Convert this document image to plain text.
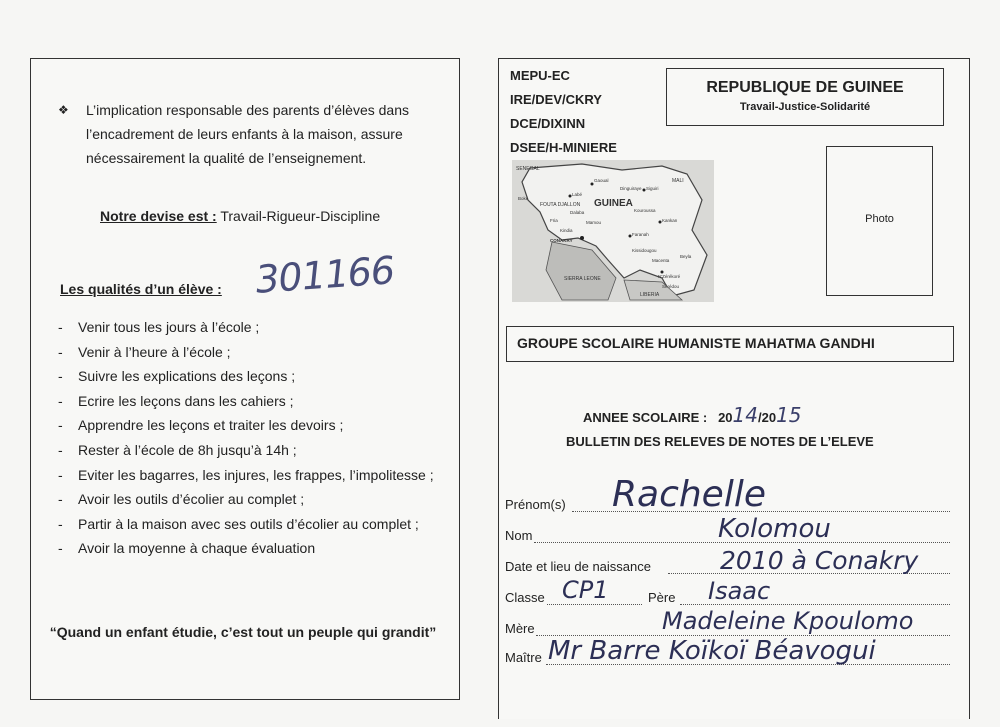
❖ L’implication responsable des parents d’élèves dans l’encadrement de leurs enfants à la maison, assure nécessairement la qualité de l’enseignement.

Notre devise est : Travail-Rigueur-Discipline
301166
Les qualités d’un élève :
- Venir tous les jours à l’école ;
- Venir à l’heure à l’école ;
- Suivre les explications des leçons ;
- Ecrire les leçons dans les cahiers ;
- Apprendre les leçons et traiter les devoirs ;
- Rester à l’école de 8h jusqu’à 14h ;
- Eviter les bagarres, les injures, les frappes, l’impolitesse ;
- Avoir les outils d’écolier au complet ;
- Partir à la maison avec ses outils d’écolier au complet ;
- Avoir la moyenne à chaque évaluation
“Quand un enfant étudie, c’est tout un peuple qui grandit”
MEPU-EC
IRE/DEV/CKRY
DCE/DIXINN
DSEE/H-MINIERE
REPUBLIQUE DE GUINEE
Travail-Justice-Solidarité
Photo
GUINEA
FOUTA DJALLON
SIERRA LEONE
LIBERIA
SENEGAL
MALI
Boké
Labé
Dalaba
Gaoual
Siguiri
Fria
Kindia
CONAKRY
Mamou
Faranah
Kissidougou
Kankan
Kouroussa
Dinguiraye
Macenta
N'Zérékoré
Beyla
Sérédou
GROUPE SCOLAIRE HUMANISTE MAHATMA GANDHI
ANNEE SCOLAIRE : 2014/2015
BULLETIN DES RELEVES DE NOTES DE L’ELEVE
Prénom(s) Rachelle
Nom	Kolomou
Date et lieu de naissance	2010 à Conakry
Classe CP1	Père Isaac
Mère	Madeleine Kpoulomo
Maître Mr Barre Koïkoï Béavogui
